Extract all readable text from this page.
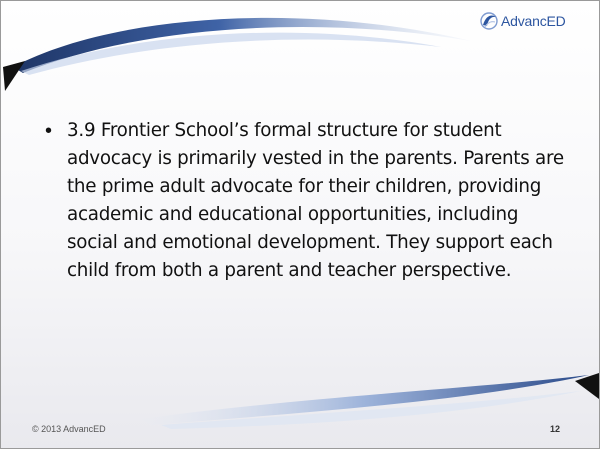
AdvancED
• 3.9 Frontier School’s formal structure for student advocacy is primarily vested in the parents. Parents are the prime adult advocate for their children, providing academic and educational opportunities, including social and emotional development. They support each child from both a parent and teacher perspective.
© 2013 AdvancED	12
